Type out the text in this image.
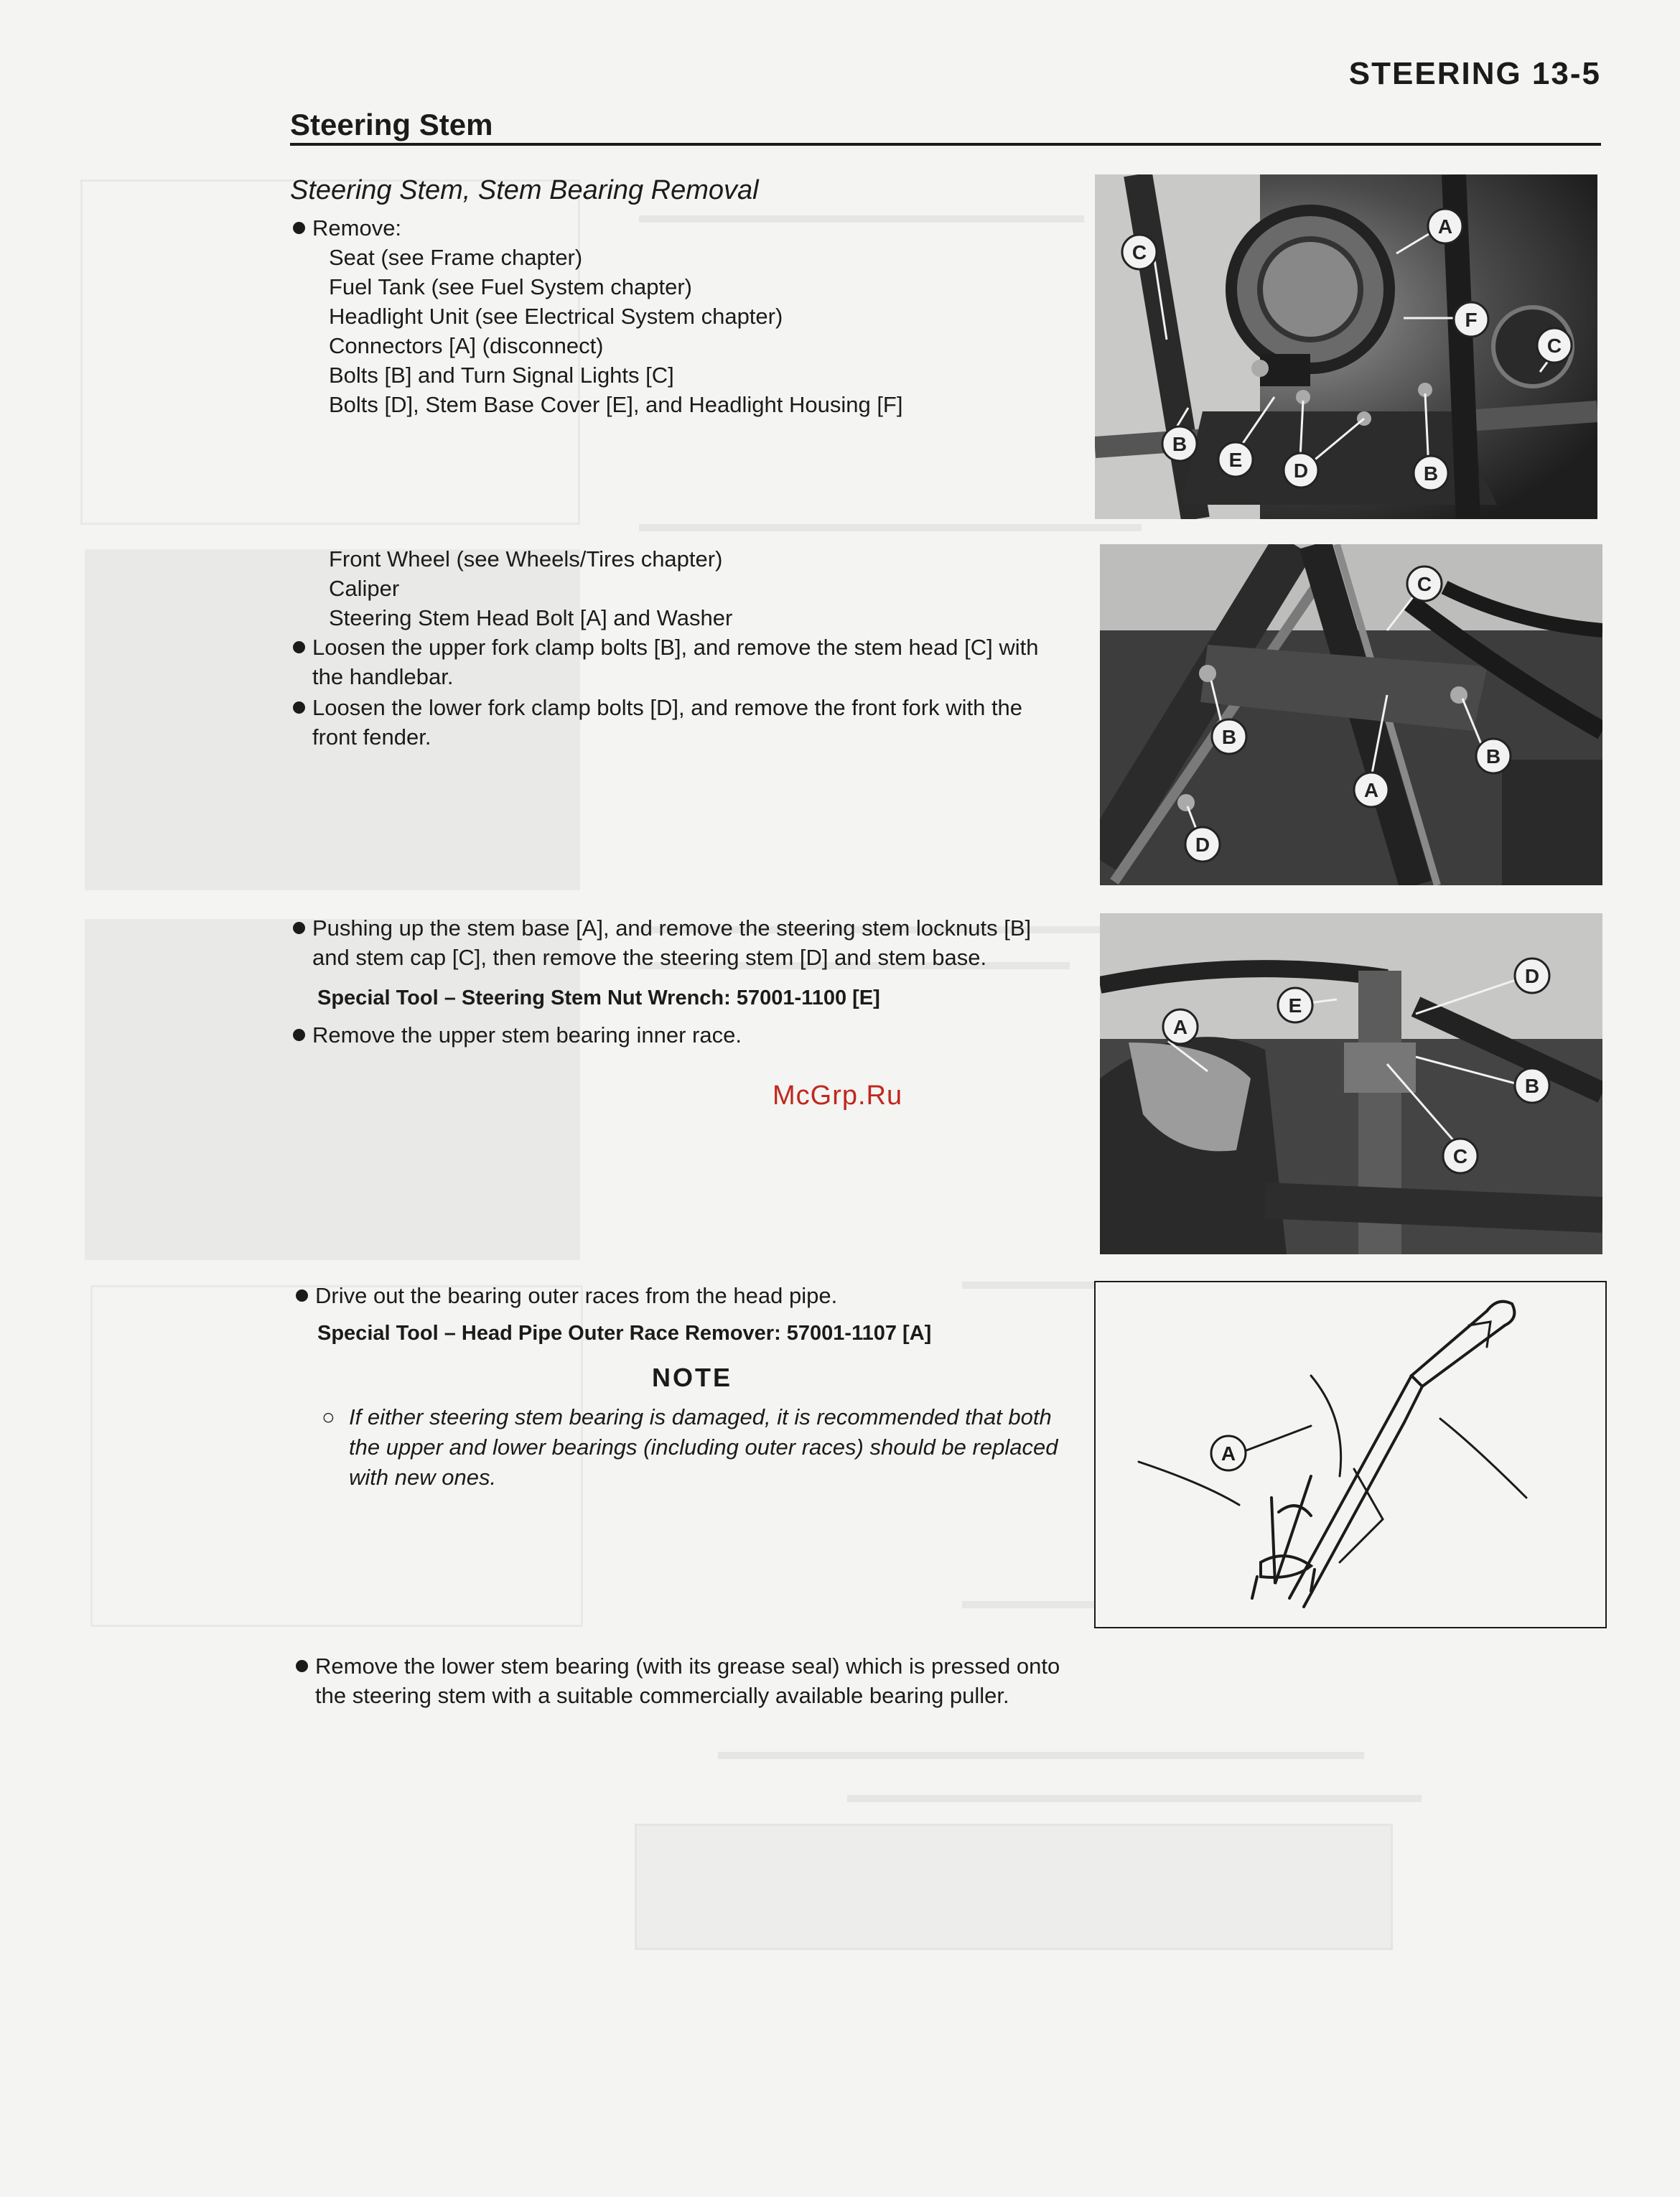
STEERING 13-5
Steering Stem
Steering Stem, Stem Bearing Removal
Remove:
Seat (see Frame chapter)
Fuel Tank (see Fuel System chapter)
Headlight Unit (see Electrical System chapter)
Connectors [A] (disconnect)
Bolts [B] and Turn Signal Lights [C]
Bolts [D], Stem Base Cover [E], and Headlight Housing [F]
Front Wheel (see Wheels/Tires chapter)
Caliper
Steering Stem Head Bolt [A] and Washer
Loosen the upper fork clamp bolts [B], and remove the stem head [C] with the handlebar.
Loosen the lower fork clamp bolts [D], and remove the front fork with the front fender.
Pushing up the stem base [A], and remove the steering stem locknuts [B] and stem cap [C], then remove the steering stem [D] and stem base.
Special Tool – Steering Stem Nut Wrench: 57001-1100 [E]
Remove the upper stem bearing inner race.
Drive out the bearing outer races from the head pipe.
Special Tool – Head Pipe Outer Race Remover: 57001-1107 [A]
NOTE
○ If either steering stem bearing is damaged, it is recommended that both the upper and lower bearings (including outer races) should be replaced with new ones.
Remove the lower stem bearing (with its grease seal) which is pressed onto the steering stem with a suitable commercially available bearing puller.
A
C
F
C
B
E	D	B
C
B
B
A
D
D
E
A
B
C
A
McGrp.Ru
